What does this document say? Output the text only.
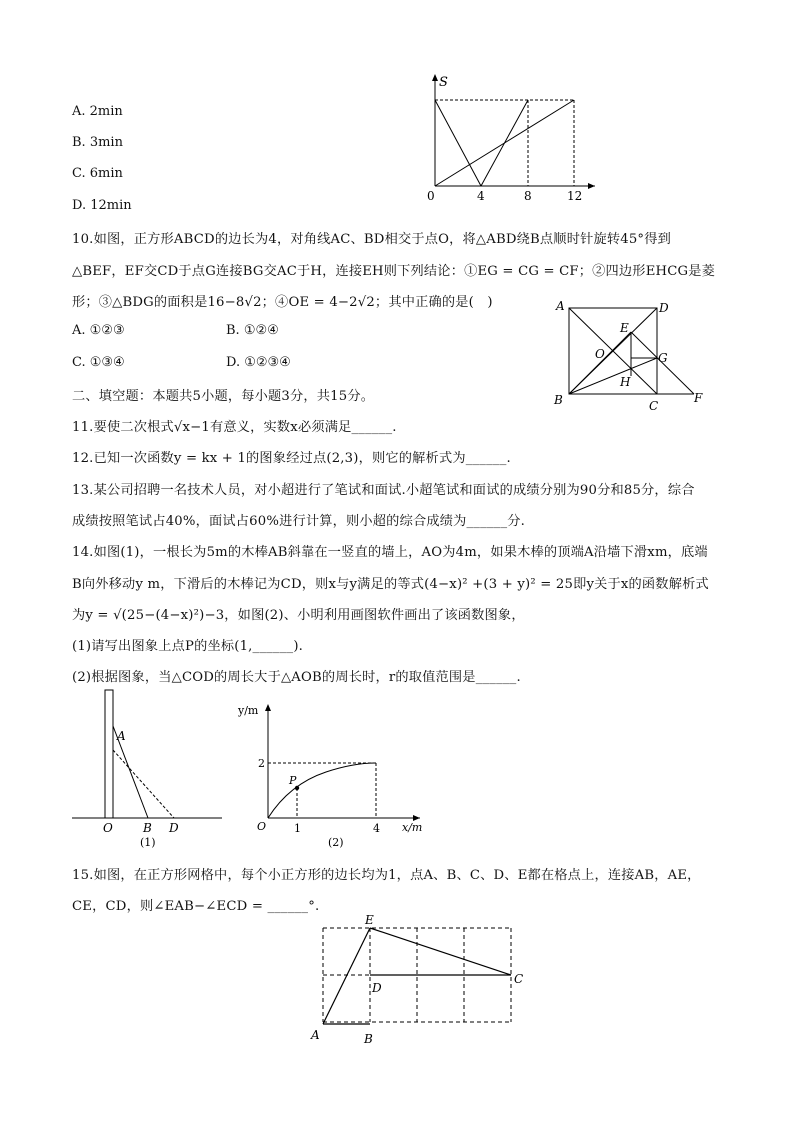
A. 2min
B. 3min
C. 6min
D. 12min
S
0	4	8	12
10.如图，正方形ABCD的边长为4，对角线AC、BD相交于点O，将△ABD绕B点顺时针旋转45°得到
△BEF，EF交CD于点G连接BG交AC于H，连接EH则下列结论：①EG = CG = CF；②四边形EHCG是菱
形；③△BDG的面积是16−8√2；④OE = 4−2√2；其中正确的是(　)
A. ①②③	B. ①②④
C. ①③④	D. ①②③④
A	D
E
O	G
H
B	C
F
二、填空题：本题共5小题，每小题3分，共15分。
11.要使二次根式√x−1有意义，实数x必须满足______.
12.已知一次函数y = kx + 1的图象经过点(2,3)，则它的解析式为______.
13.某公司招聘一名技术人员，对小超进行了笔试和面试.小超笔试和面试的成绩分别为90分和85分，综合
成绩按照笔试占40%，面试占60%进行计算，则小超的综合成绩为______分.
14.如图(1)，一根长为5m的木棒AB斜靠在一竖直的墙上，AO为4m，如果木棒的顶端A沿墙下滑xm，底端
B向外移动y m，下滑后的木棒记为CD，则x与y满足的等式(4−x)² +(3 + y)² = 25即y关于x的函数解析式
为y = √(25−(4−x)²)−3，如图(2)、小明利用画图软件画出了该函数图象，
(1)请写出图象上点P的坐标(1,______).
(2)根据图象，当△COD的周长大于△AOB的周长时，r的取值范围是______.
A
O	B D
(1)
y/m
x/m
2
1	4
O
P
(2)
15.如图，在正方形网格中，每个小正方形的边长均为1，点A、B、C、D、E都在格点上，连接AB，AE，
CE，CD，则∠EAB−∠ECD = ______°.
E
D
C
A	B
